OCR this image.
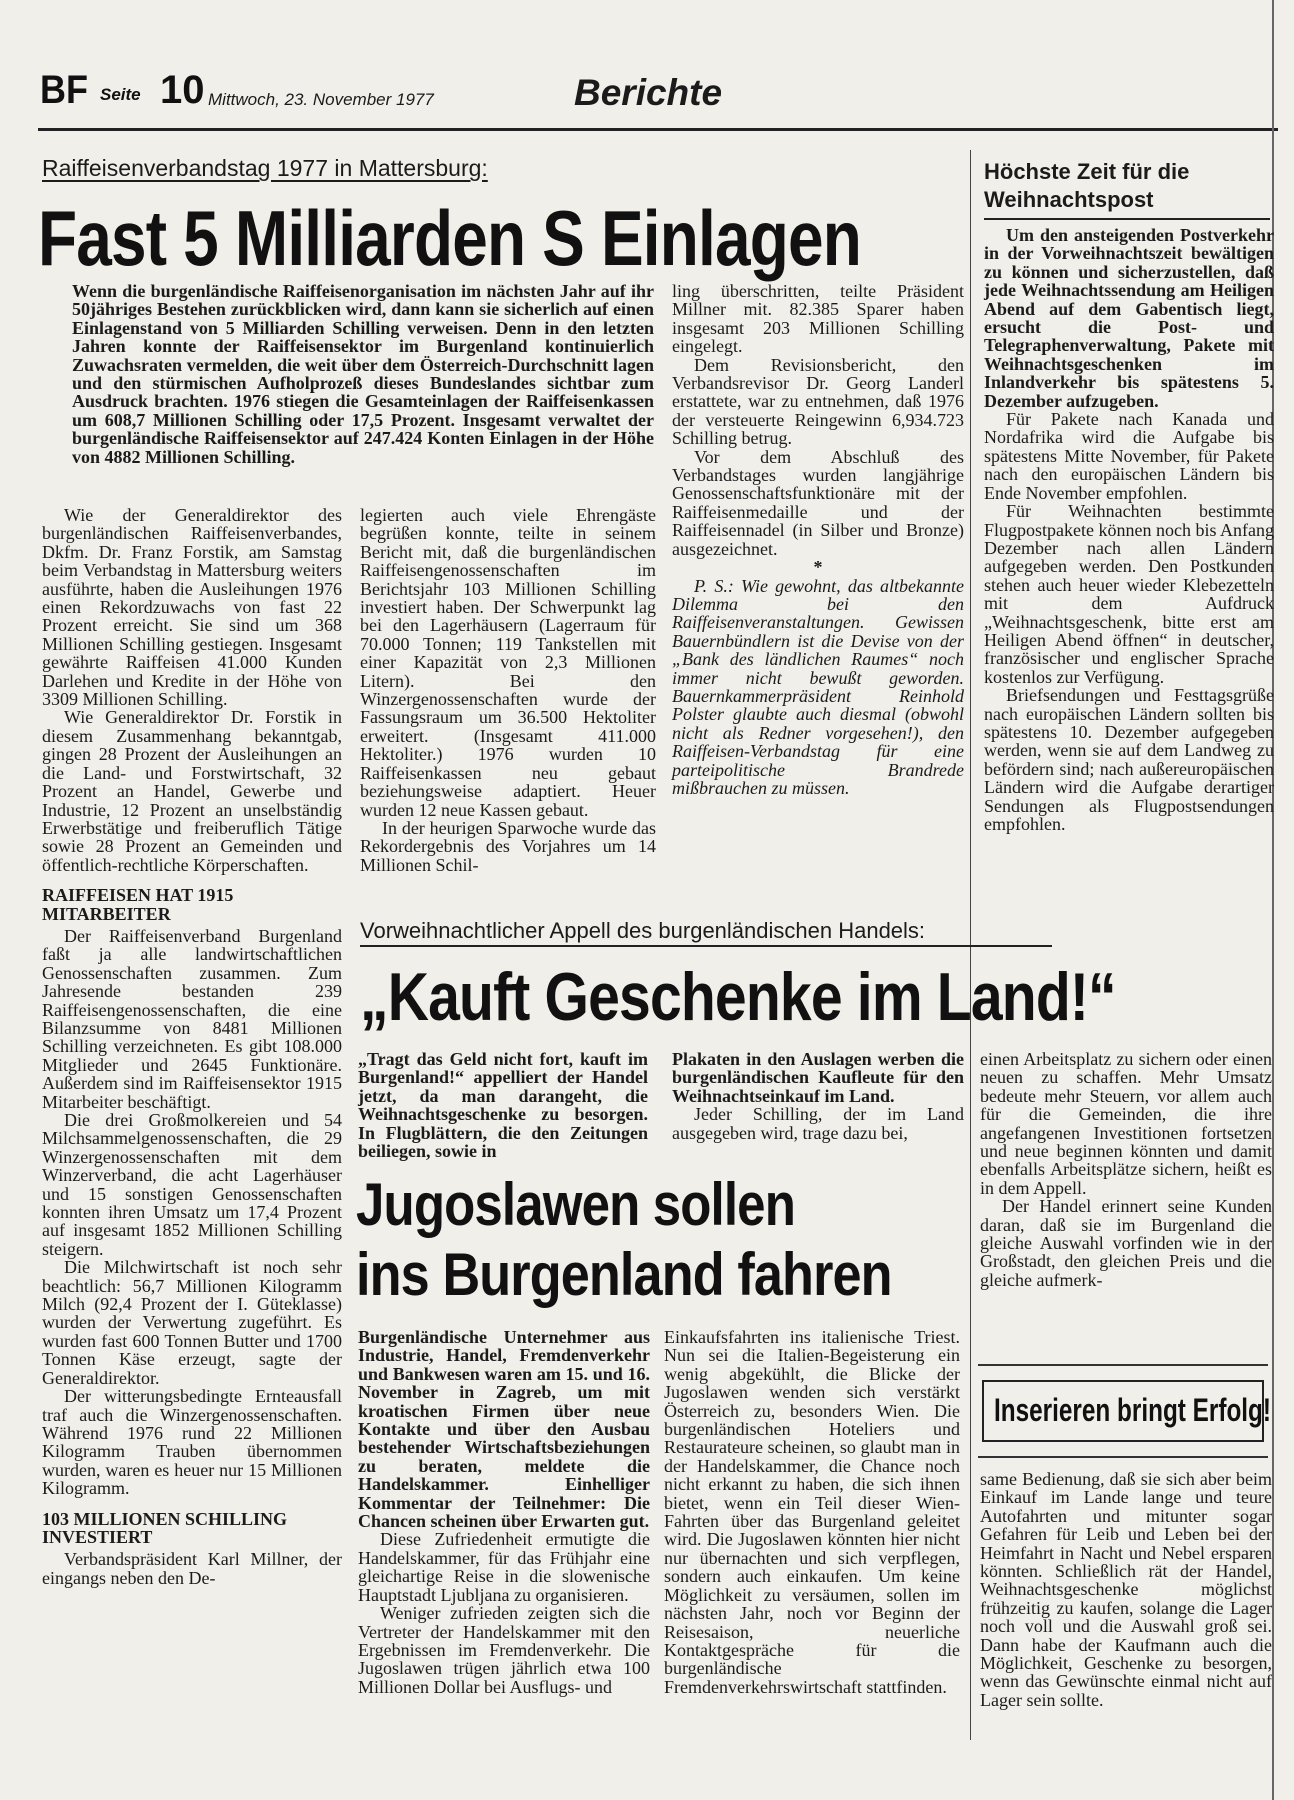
BF Seite 10 Mittwoch, 23. November 1977	Berichte
Raiffeisenverbandstag 1977 in Mattersburg:
Fast 5 Milliarden S Einlagen

Wenn die burgenländische Raiffeisenorganisation im nächsten Jahr auf ihr 50jähriges Bestehen zurückblicken wird, dann kann sie sicherlich auf einen Einlagenstand von 5 Milliarden Schilling verweisen. Denn in den letzten Jahren konnte der Raiffeisensektor im Burgenland kontinuierlich Zuwachsraten vermelden, die weit über dem Österreich-Durchschnitt lagen und den stürmischen Aufholprozeß dieses Bundeslandes sichtbar zum Ausdruck brachten. 1976 stiegen die Gesamteinlagen der Raiffeisenkassen um 608,7 Millionen Schilling oder 17,5 Prozent. Insgesamt verwaltet der burgenländische Raiffeisensektor auf 247.424 Konten Einlagen in der Höhe von 4882 Millionen Schilling.

Wie der Generaldirektor des burgenländischen Raiffeisenverbandes, Dkfm. Dr. Franz Forstik, am Samstag beim Verbandstag in Mattersburg weiters ausführte, haben die Ausleihungen 1976 einen Rekordzuwachs von fast 22 Prozent erreicht. Sie sind um 368 Millionen Schilling gestiegen. Insgesamt gewährte Raiffeisen 41.000 Kunden Darlehen und Kredite in der Höhe von 3309 Millionen Schilling.

Wie Generaldirektor Dr. Forstik in diesem Zusammenhang bekanntgab, gingen 28 Prozent der Ausleihungen an die Land- und Forstwirtschaft, 32 Prozent an Handel, Gewerbe und Industrie, 12 Prozent an unselbständig Erwerbstätige und freiberuflich Tätige sowie 28 Prozent an Gemeinden und öffentlich-rechtliche Körperschaften.

RAIFFEISEN HAT 1915 MITARBEITER

Der Raiffeisenverband Burgenland faßt ja alle landwirtschaftlichen Genossenschaften zusammen. Zum Jahresende bestanden 239 Raiffeisengenossenschaften, die eine Bilanzsumme von 8481 Millionen Schilling verzeichneten. Es gibt 108.000 Mitglieder und 2645 Funktionäre. Außerdem sind im Raiffeisensektor 1915 Mitarbeiter beschäftigt.

Die drei Großmolkereien und 54 Milchsammelgenossenschaften, die 29 Winzergenossenschaften mit dem Winzerverband, die acht Lagerhäuser und 15 sonstigen Genossenschaften konnten ihren Umsatz um 17,4 Prozent auf insgesamt 1852 Millionen Schilling steigern.

Die Milchwirtschaft ist noch sehr beachtlich: 56,7 Millionen Kilogramm Milch (92,4 Prozent der I. Güteklasse) wurden der Verwertung zugeführt. Es wurden fast 600 Tonnen Butter und 1700 Tonnen Käse erzeugt, sagte der Generaldirektor.

Der witterungsbedingte Ernteausfall traf auch die Winzergenossenschaften. Während 1976 rund 22 Millionen Kilogramm Trauben übernommen wurden, waren es heuer nur 15 Millionen Kilogramm.

103 MILLIONEN SCHILLING INVESTIERT

Verbandspräsident Karl Millner, der eingangs neben den De-

legierten auch viele Ehrengäste begrüßen konnte, teilte in seinem Bericht mit, daß die burgenländischen Raiffeisengenossenschaften im Berichtsjahr 103 Millionen Schilling investiert haben. Der Schwerpunkt lag bei den Lagerhäusern (Lagerraum für 70.000 Tonnen; 119 Tankstellen mit einer Kapazität von 2,3 Millionen Litern). Bei den Winzergenossenschaften wurde der Fassungsraum um 36.500 Hektoliter erweitert. (Insgesamt 411.000 Hektoliter.) 1976 wurden 10 Raiffeisenkassen neu gebaut beziehungsweise adaptiert. Heuer wurden 12 neue Kassen gebaut.

In der heurigen Sparwoche wurde das Rekordergebnis des Vorjahres um 14 Millionen Schil-

ling überschritten, teilte Präsident Millner mit. 82.385 Sparer haben insgesamt 203 Millionen Schilling eingelegt.

Dem Revisionsbericht, den Verbandsrevisor Dr. Georg Landerl erstattete, war zu entnehmen, daß 1976 der versteuerte Reingewinn 6,934.723 Schilling betrug.

Vor dem Abschluß des Verbandstages wurden langjährige Genossenschaftsfunktionäre mit der Raiffeisenmedaille und der Raiffeisennadel (in Silber und Bronze) ausgezeichnet.

*

P. S.: Wie gewohnt, das altbekannte Dilemma bei den Raiffeisenveranstaltungen. Gewissen Bauernbündlern ist die Devise von der „Bank des ländlichen Raumes“ noch immer nicht bewußt geworden. Bauernkammerpräsident Reinhold Polster glaubte auch diesmal (obwohl nicht als Redner vorgesehen!), den Raiffeisen-Verbandstag für eine parteipolitische Brandrede mißbrauchen zu müssen.

Höchste Zeit für die Weihnachtspost

Um den ansteigenden Postverkehr in der Vorweihnachtszeit bewältigen zu können und sicherzustellen, daß jede Weihnachtssendung am Heiligen Abend auf dem Gabentisch liegt, ersucht die Post- und Telegraphenverwaltung, Pakete mit Weihnachtsgeschenken im Inlandverkehr bis spätestens 5. Dezember aufzugeben.

Für Pakete nach Kanada und Nordafrika wird die Aufgabe bis spätestens Mitte November, für Pakete nach den europäischen Ländern bis Ende November empfohlen.

Für Weihnachten bestimmte Flugpostpakete können noch bis Anfang Dezember nach allen Ländern aufgegeben werden. Den Postkunden stehen auch heuer wieder Klebezetteln mit dem Aufdruck „Weihnachtsgeschenk, bitte erst am Heiligen Abend öffnen“ in deutscher, französischer und englischer Sprache kostenlos zur Verfügung.

Briefsendungen und Festtagsgrüße nach europäischen Ländern sollten bis spätestens 10. Dezember aufgegeben werden, wenn sie auf dem Landweg zu befördern sind; nach außereuropäischen Ländern wird die Aufgabe derartiger Sendungen als Flugpostsendungen empfohlen.

Vorweihnachtlicher Appell des burgenländischen Handels:
„Kauft Geschenke im Land!“

„Tragt das Geld nicht fort, kauft im Burgenland!“ appelliert der Handel jetzt, da man darangeht, die Weihnachtsgeschenke zu besorgen. In Flugblättern, die den Zeitungen beiliegen, sowie in

Plakaten in den Auslagen werben die burgenländischen Kaufleute für den Weihnachtseinkauf im Land.

Jeder Schilling, der im Land ausgegeben wird, trage dazu bei,

einen Arbeitsplatz zu sichern oder einen neuen zu schaffen. Mehr Umsatz bedeute mehr Steuern, vor allem auch für die Gemeinden, die ihre angefangenen Investitionen fortsetzen und neue beginnen könnten und damit ebenfalls Arbeitsplätze sichern, heißt es in dem Appell.

Der Handel erinnert seine Kunden daran, daß sie im Burgenland die gleiche Auswahl vorfinden wie in der Großstadt, den gleichen Preis und die gleiche aufmerk-

same Bedienung, daß sie sich aber beim Einkauf im Lande lange und teure Autofahrten und mitunter sogar Gefahren für Leib und Leben bei der Heimfahrt in Nacht und Nebel ersparen könnten. Schließlich rät der Handel, Weihnachtsgeschenke möglichst frühzeitig zu kaufen, solange die Lager noch voll und die Auswahl groß sei. Dann habe der Kaufmann auch die Möglichkeit, Geschenke zu besorgen, wenn das Gewünschte einmal nicht auf Lager sein sollte.

Inserieren bringt Erfolg!
Jugoslawen sollen
ins Burgenland fahren

Burgenländische Unternehmer aus Industrie, Handel, Fremdenverkehr und Bankwesen waren am 15. und 16. November in Zagreb, um mit kroatischen Firmen über neue Kontakte und über den Ausbau bestehender Wirtschaftsbeziehungen zu beraten, meldete die Handelskammer. Einhelliger Kommentar der Teilnehmer: Die Chancen scheinen über Erwarten gut.

Diese Zufriedenheit ermutigte die Handelskammer, für das Frühjahr eine gleichartige Reise in die slowenische Hauptstadt Ljubljana zu organisieren.

Weniger zufrieden zeigten sich die Vertreter der Handelskammer mit den Ergebnissen im Fremdenverkehr. Die Jugoslawen trügen jährlich etwa 100 Millionen Dollar bei Ausflugs- und

Einkaufsfahrten ins italienische Triest. Nun sei die Italien-Begeisterung ein wenig abgekühlt, die Blicke der Jugoslawen wenden sich verstärkt Österreich zu, besonders Wien. Die burgenländischen Hoteliers und Restaurateure scheinen, so glaubt man in der Handelskammer, die Chance noch nicht erkannt zu haben, die sich ihnen bietet, wenn ein Teil dieser Wien-Fahrten über das Burgenland geleitet wird. Die Jugoslawen könnten hier nicht nur übernachten und sich verpflegen, sondern auch einkaufen. Um keine Möglichkeit zu versäumen, sollen im nächsten Jahr, noch vor Beginn der Reisesaison, neuerliche Kontaktgespräche für die burgenländische Fremdenverkehrswirtschaft stattfinden.
